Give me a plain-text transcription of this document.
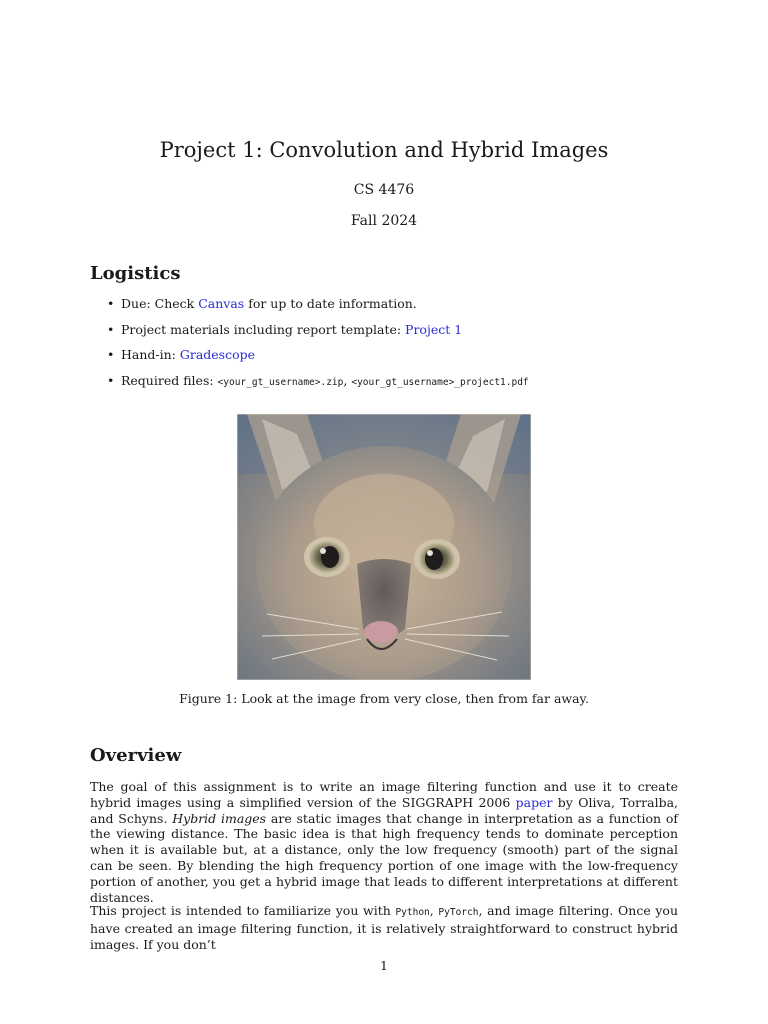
Project 1: Convolution and Hybrid Images
CS 4476
Fall 2024
Logistics
• Due: Check Canvas for up to date information.
• Project materials including report template: Project 1
• Hand-in: Gradescope
• Required files: <your_gt_username>.zip, <your_gt_username>_project1.pdf
Figure 1: Look at the image from very close, then from far away.
Overview

The goal of this assignment is to write an image filtering function and use it to create hybrid images using a simplified version of the SIGGRAPH 2006 paper by Oliva, Torralba, and Schyns. Hybrid images are static images that change in interpretation as a function of the viewing distance. The basic idea is that high frequency tends to dominate perception when it is available but, at a distance, only the low frequency (smooth) part of the signal can be seen. By blending the high frequency portion of one image with the low-frequency portion of another, you get a hybrid image that leads to different interpretations at different distances.

This project is intended to familiarize you with Python, PyTorch, and image filtering. Once you have created an image filtering function, it is relatively straightforward to construct hybrid images. If you don’t

1
